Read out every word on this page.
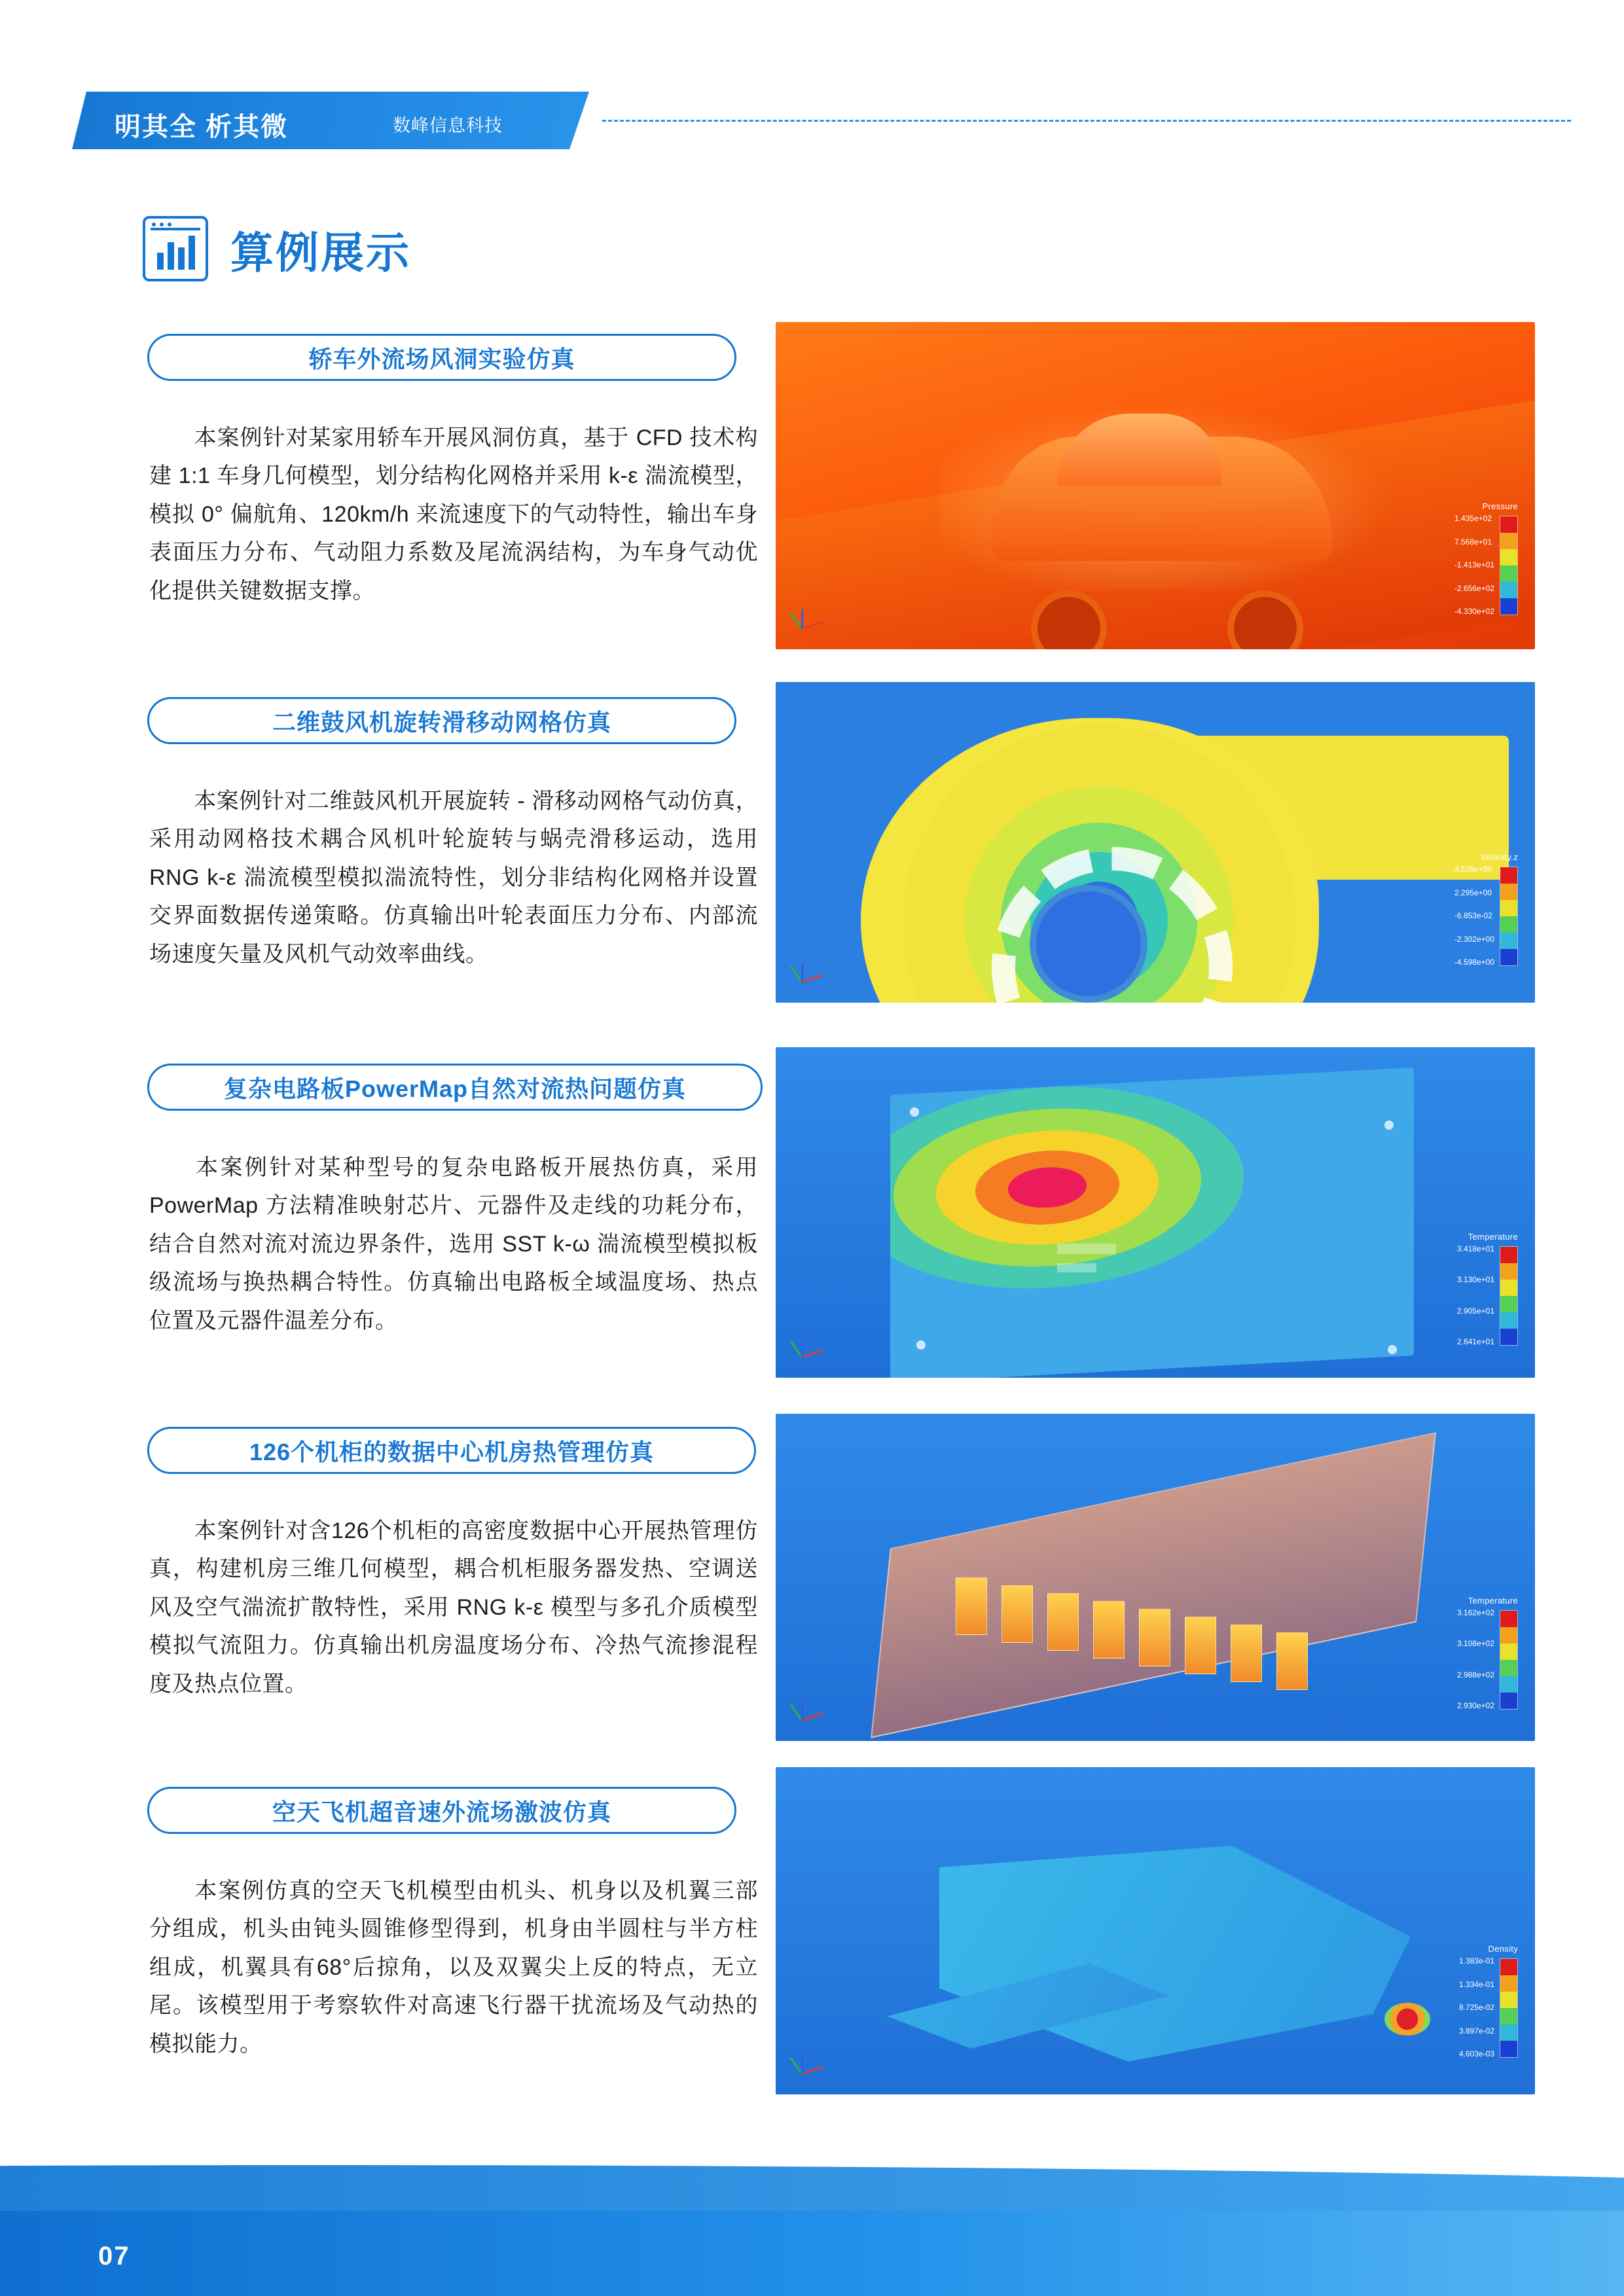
明其全 析其微	数峰信息科技
算例展示
轿车外流场风洞实验仿真
本案例针对某家用轿车开展风洞仿真，基于 CFD 技术构建 1:1 车身几何模型，划分结构化网格并采用 k-ε 湍流模型，模拟 0° 偏航角、120km/h 来流速度下的气动特性，输出车身表面压力分布、气动阻力系数及尾流涡结构，为车身气动优化提供关键数据支撑。
Pressure
1.435e+02
7.568e+01
-1.413e+01
-2.656e+02
-4.330e+02
二维鼓风机旋转滑移动网格仿真
本案例针对二维鼓风机开展旋转 - 滑移动网格气动仿真，采用动网格技术耦合风机叶轮旋转与蜗壳滑移运动，选用 RNG k-ε 湍流模型模拟湍流特性，划分非结构化网格并设置交界面数据传递策略。仿真输出叶轮表面压力分布、内部流场速度矢量及风机气动效率曲线。
Velocity.z
4.538e+00
2.295e+00
-6.853e-02
-2.302e+00
-4.598e+00
复杂电路板PowerMap自然对流热问题仿真
本案例针对某种型号的复杂电路板开展热仿真，采用PowerMap 方法精准映射芯片、元器件及走线的功耗分布，结合自然对流对流边界条件，选用 SST k-ω 湍流模型模拟板级流场与换热耦合特性。仿真输出电路板全域温度场、热点位置及元器件温差分布。
Temperature
3.418e+01
3.130e+01
2.905e+01
2.641e+01
126个机柜的数据中心机房热管理仿真
本案例针对含126个机柜的高密度数据中心开展热管理仿真，构建机房三维几何模型，耦合机柜服务器发热、空调送风及空气湍流扩散特性，采用 RNG k-ε 模型与多孔介质模型模拟气流阻力。仿真输出机房温度场分布、冷热气流掺混程度及热点位置。
Temperature
3.162e+02
3.108e+02
2.988e+02
2.930e+02
空天飞机超音速外流场激波仿真
本案例仿真的空天飞机模型由机头、机身以及机翼三部分组成，机头由钝头圆锥修型得到，机身由半圆柱与半方柱组成，机翼具有68°后掠角，以及双翼尖上反的特点，无立尾。该模型用于考察软件对高速飞行器干扰流场及气动热的模拟能力。
Density
1.383e-01
1.334e-01
8.725e-02
3.897e-02
4.603e-03
07
